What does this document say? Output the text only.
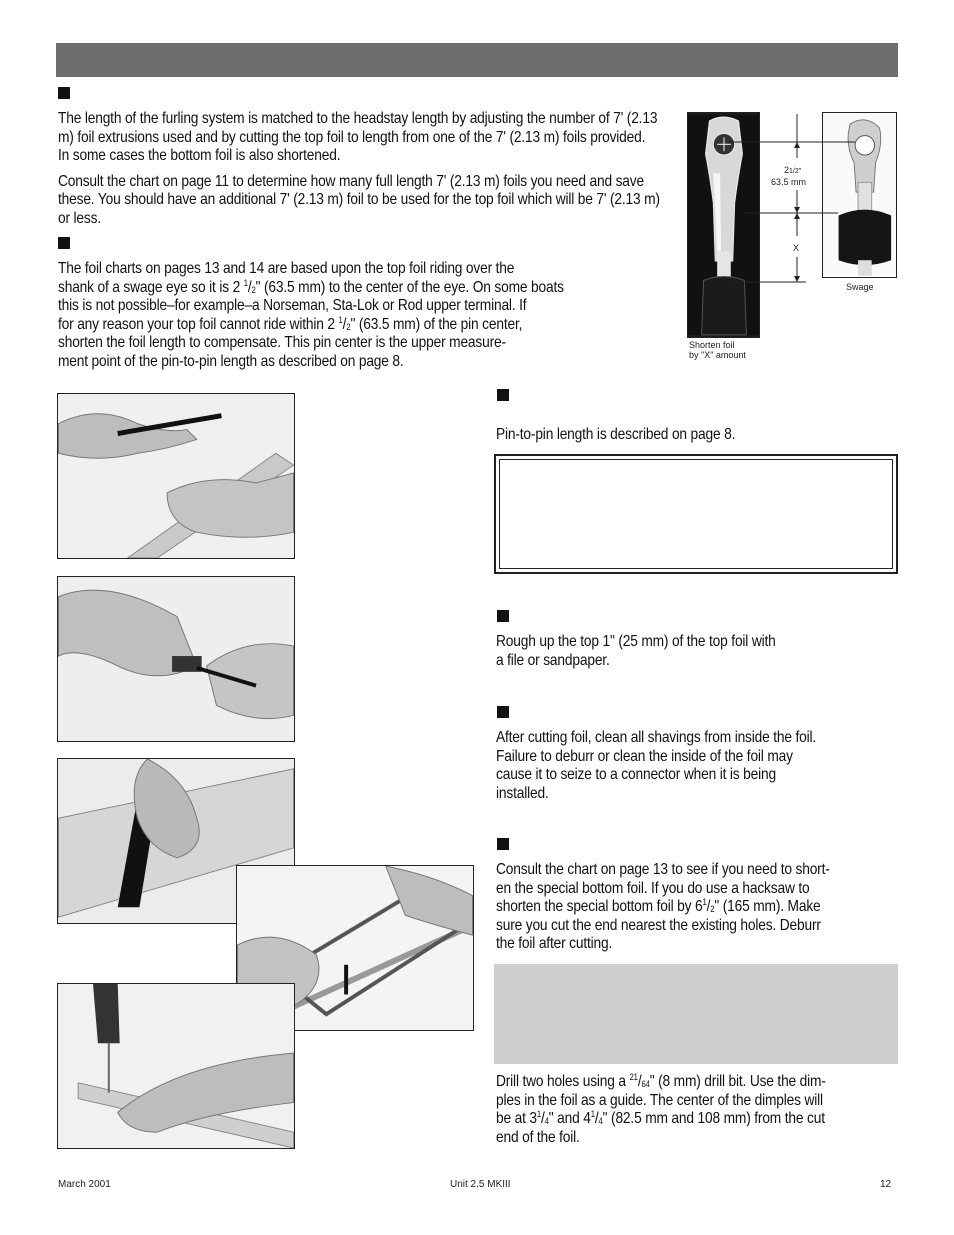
The length of the furling system is matched to the headstay length by adjusting the number of 7' (2.13 m) foil extrusions used and by cutting the top foil to length from one of the 7' (2.13 m) foils provided. In some cases the bottom foil is also shortened.

Consult the chart on page 11 to determine how many full length 7' (2.13 m) foils you need and save these. You should have an additional 7' (2.13 m) foil to be used for the top foil which will be 7' (2.13 m) or less.

The foil charts on pages 13 and 14 are based upon the top foil riding over the

shank of a swage eye so it is 2 $^1/_2$" (63.5 mm) to the center of the eye. On some boats

this is not possible–for example–a Norseman, Sta-Lok or Rod upper terminal. If

for any reason your top foil cannot ride within 2 $^1/_2$" (63.5 mm) of the pin center,

shorten the foil length to compensate. This pin center is the upper measure-

ment point of the pin-to-pin length as described on page 8.

21/2"
63.5 mm
X
Swage
Shorten foil
by "X" amount
Pin-to-pin length is described on page 8.

Rough up the top 1" (25 mm) of the top foil with

a file or sandpaper.

After cutting foil, clean all shavings from inside the foil.

Failure to deburr or clean the inside of the foil may

cause it to seize to a connector when it is being

installed.

Consult the chart on page 13 to see if you need to short-

en the special bottom foil. If you do use a hacksaw to

shorten the special bottom foil by $6^1/_2$" (165 mm). Make

sure you cut the end nearest the existing holes. Deburr

the foil after cutting.

Drill two holes using a $^{21}/_{64}$" (8 mm) drill bit. Use the dim-

ples in the foil as a guide. The center of the dimples will

be at $3^1/_4$" and $4^1/_4$" (82.5 mm and 108 mm) from the cut

end of the foil.

March 2001	Unit 2.5 MKIII	12
